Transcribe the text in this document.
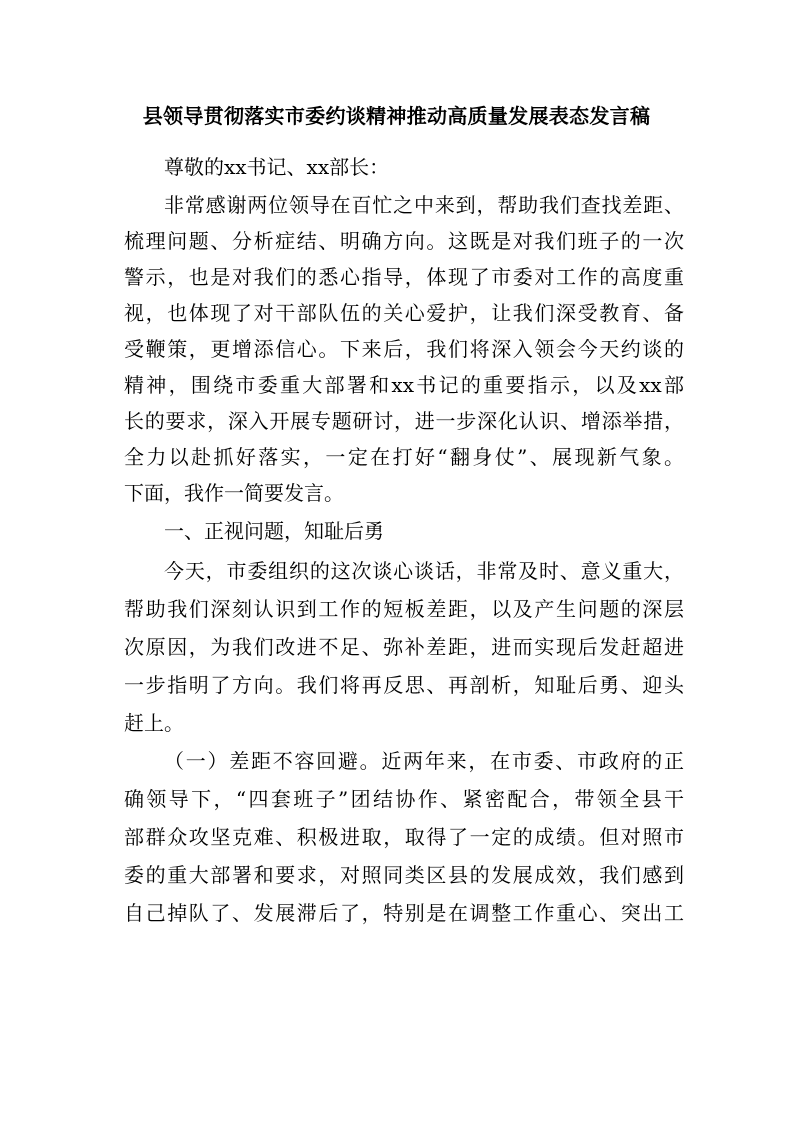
县领导贯彻落实市委约谈精神推动高质量发展表态发言稿

尊敬的xx书记、xx部长：

非常感谢两位领导在百忙之中来到，帮助我们查找差距、

梳理问题、分析症结、明确方向。这既是对我们班子的一次

警示，也是对我们的悉心指导，体现了市委对工作的高度重

视，也体现了对干部队伍的关心爱护，让我们深受教育、备

受鞭策，更增添信心。下来后，我们将深入领会今天约谈的

精神，围绕市委重大部署和xx书记的重要指示，以及xx部

长的要求，深入开展专题研讨，进一步深化认识、增添举措，

全力以赴抓好落实，一定在打好“翻身仗”、展现新气象。

下面，我作一简要发言。

一、正视问题，知耻后勇

今天，市委组织的这次谈心谈话，非常及时、意义重大，

帮助我们深刻认识到工作的短板差距，以及产生问题的深层

次原因，为我们改进不足、弥补差距，进而实现后发赶超进

一步指明了方向。我们将再反思、再剖析，知耻后勇、迎头

赶上。

（一）差距不容回避。近两年来，在市委、市政府的正

确领导下，“四套班子”团结协作、紧密配合，带领全县干

部群众攻坚克难、积极进取，取得了一定的成绩。但对照市

委的重大部署和要求，对照同类区县的发展成效，我们感到

自己掉队了、发展滞后了，特别是在调整工作重心、突出工
